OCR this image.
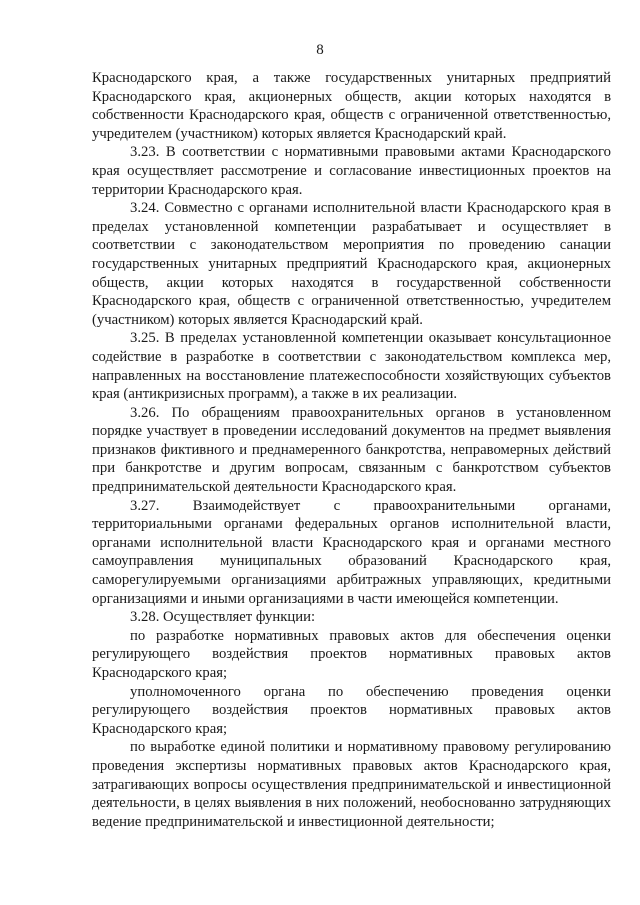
8

Краснодарского края, а также государственных унитарных предприятий Краснодарского края, акционерных обществ, акции которых находятся в собственности Краснодарского края, обществ с ограниченной ответственностью, учредителем (участником) которых является Краснодарский край.

3.23. В соответствии с нормативными правовыми актами Краснодарского края осуществляет рассмотрение и согласование инвестиционных проектов на территории Краснодарского края.

3.24. Совместно с органами исполнительной власти Краснодарского края в пределах установленной компетенции разрабатывает и осуществляет в соответствии с законодательством мероприятия по проведению санации государственных унитарных предприятий Краснодарского края, акционерных обществ, акции которых находятся в государственной собственности Краснодарского края, обществ с ограниченной ответственностью, учредителем (участником) которых является Краснодарский край.

3.25. В пределах установленной компетенции оказывает консультационное содействие в разработке в соответствии с законодательством комплекса мер, направленных на восстановление платежеспособности хозяйствующих субъектов края (антикризисных программ), а также в их реализации.

3.26. По обращениям правоохранительных органов в установленном порядке участвует в проведении исследований документов на предмет выявления признаков фиктивного и преднамеренного банкротства, неправомерных действий при банкротстве и другим вопросам, связанным с банкротством субъектов предпринимательской деятельности Краснодарского края.

3.27. Взаимодействует с правоохранительными органами, территориальными органами федеральных органов исполнительной власти, органами исполнительной власти Краснодарского края и органами местного самоуправления муниципальных образований Краснодарского края, саморегулируемыми организациями арбитражных управляющих, кредитными организациями и иными организациями в части имеющейся компетенции.

3.28. Осуществляет функции:

по разработке нормативных правовых актов для обеспечения оценки регулирующего воздействия проектов нормативных правовых актов Краснодарского края;

уполномоченного органа по обеспечению проведения оценки регулирующего воздействия проектов нормативных правовых актов Краснодарского края;

по выработке единой политики и нормативному правовому регулированию проведения экспертизы нормативных правовых актов Краснодарского края, затрагивающих вопросы осуществления предпринимательской и инвестиционной деятельности, в целях выявления в них положений, необоснованно затрудняющих ведение предпринимательской и инвестиционной деятельности;
